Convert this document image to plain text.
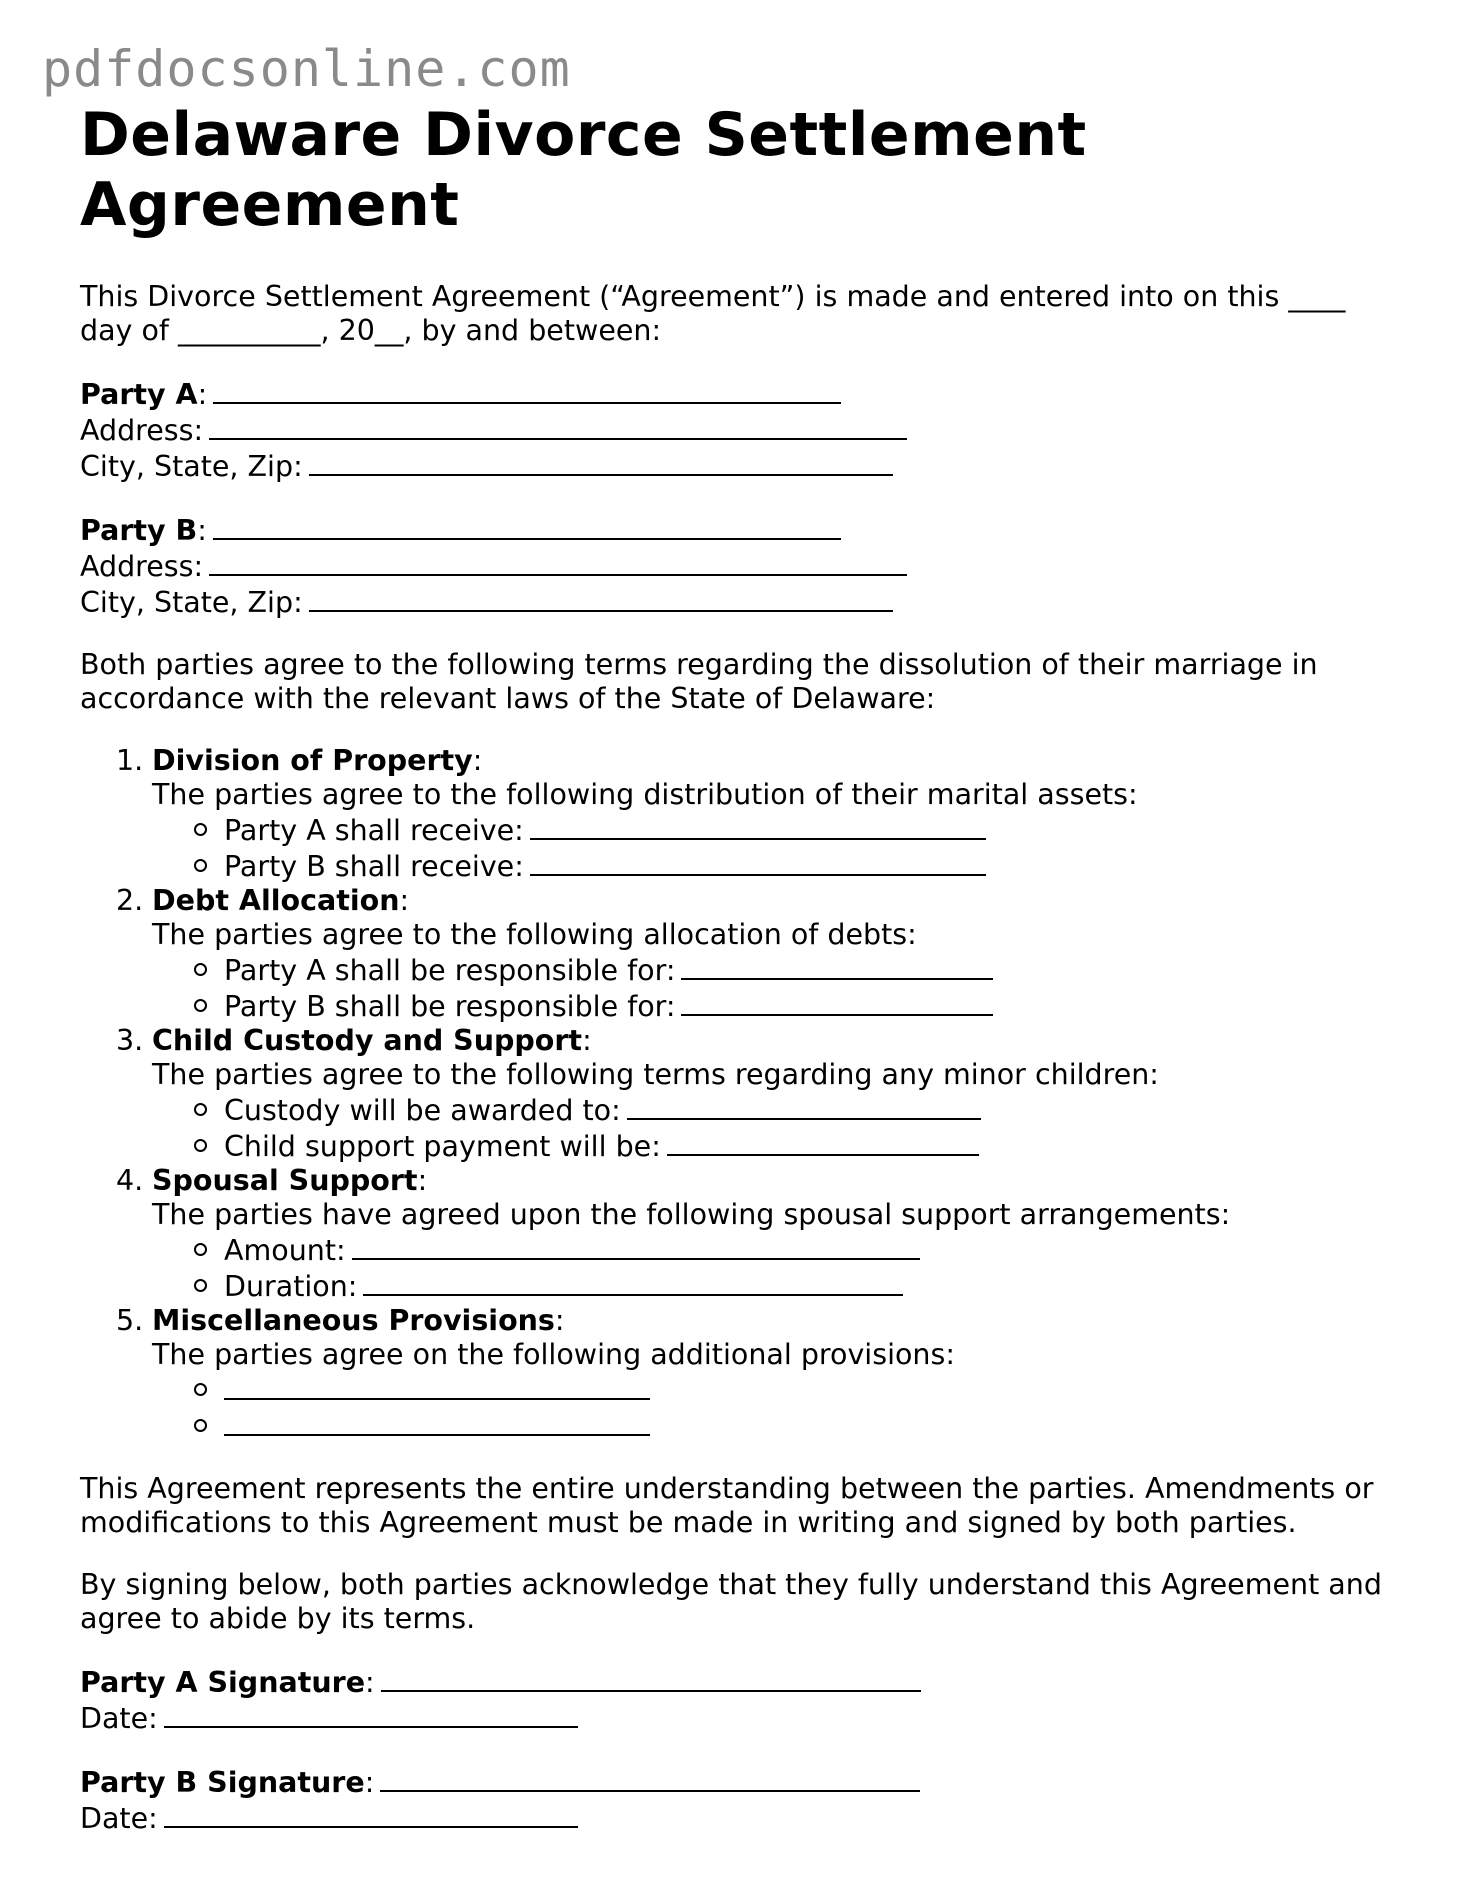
pdfdocsonline.com
Delaware Divorce Settlement Agreement

This Divorce Settlement Agreement (“Agreement”) is made and entered into on this ____
day of __________, 20__, by and between:

Party A:
Address:
City, State, Zip:
Party B:
Address:
City, State, Zip:

Both parties agree to the following terms regarding the dissolution of their marriage in accordance with the relevant laws of the State of Delaware:

Division of Property:
The parties agree to the following distribution of their marital assets:
Party A shall receive:
Party B shall receive:
Debt Allocation:
The parties agree to the following allocation of debts:
Party A shall be responsible for:
Party B shall be responsible for:
Child Custody and Support:
The parties agree to the following terms regarding any minor children:
Custody will be awarded to:
Child support payment will be:
Spousal Support:
The parties have agreed upon the following spousal support arrangements:
Amount:
Duration:
Miscellaneous Provisions:
The parties agree on the following additional provisions:

This Agreement represents the entire understanding between the parties. Amendments or modifications to this Agreement must be made in writing and signed by both parties.

By signing below, both parties acknowledge that they fully understand this Agreement and agree to abide by its terms.

Party A Signature:
Date:
Party B Signature:
Date:
